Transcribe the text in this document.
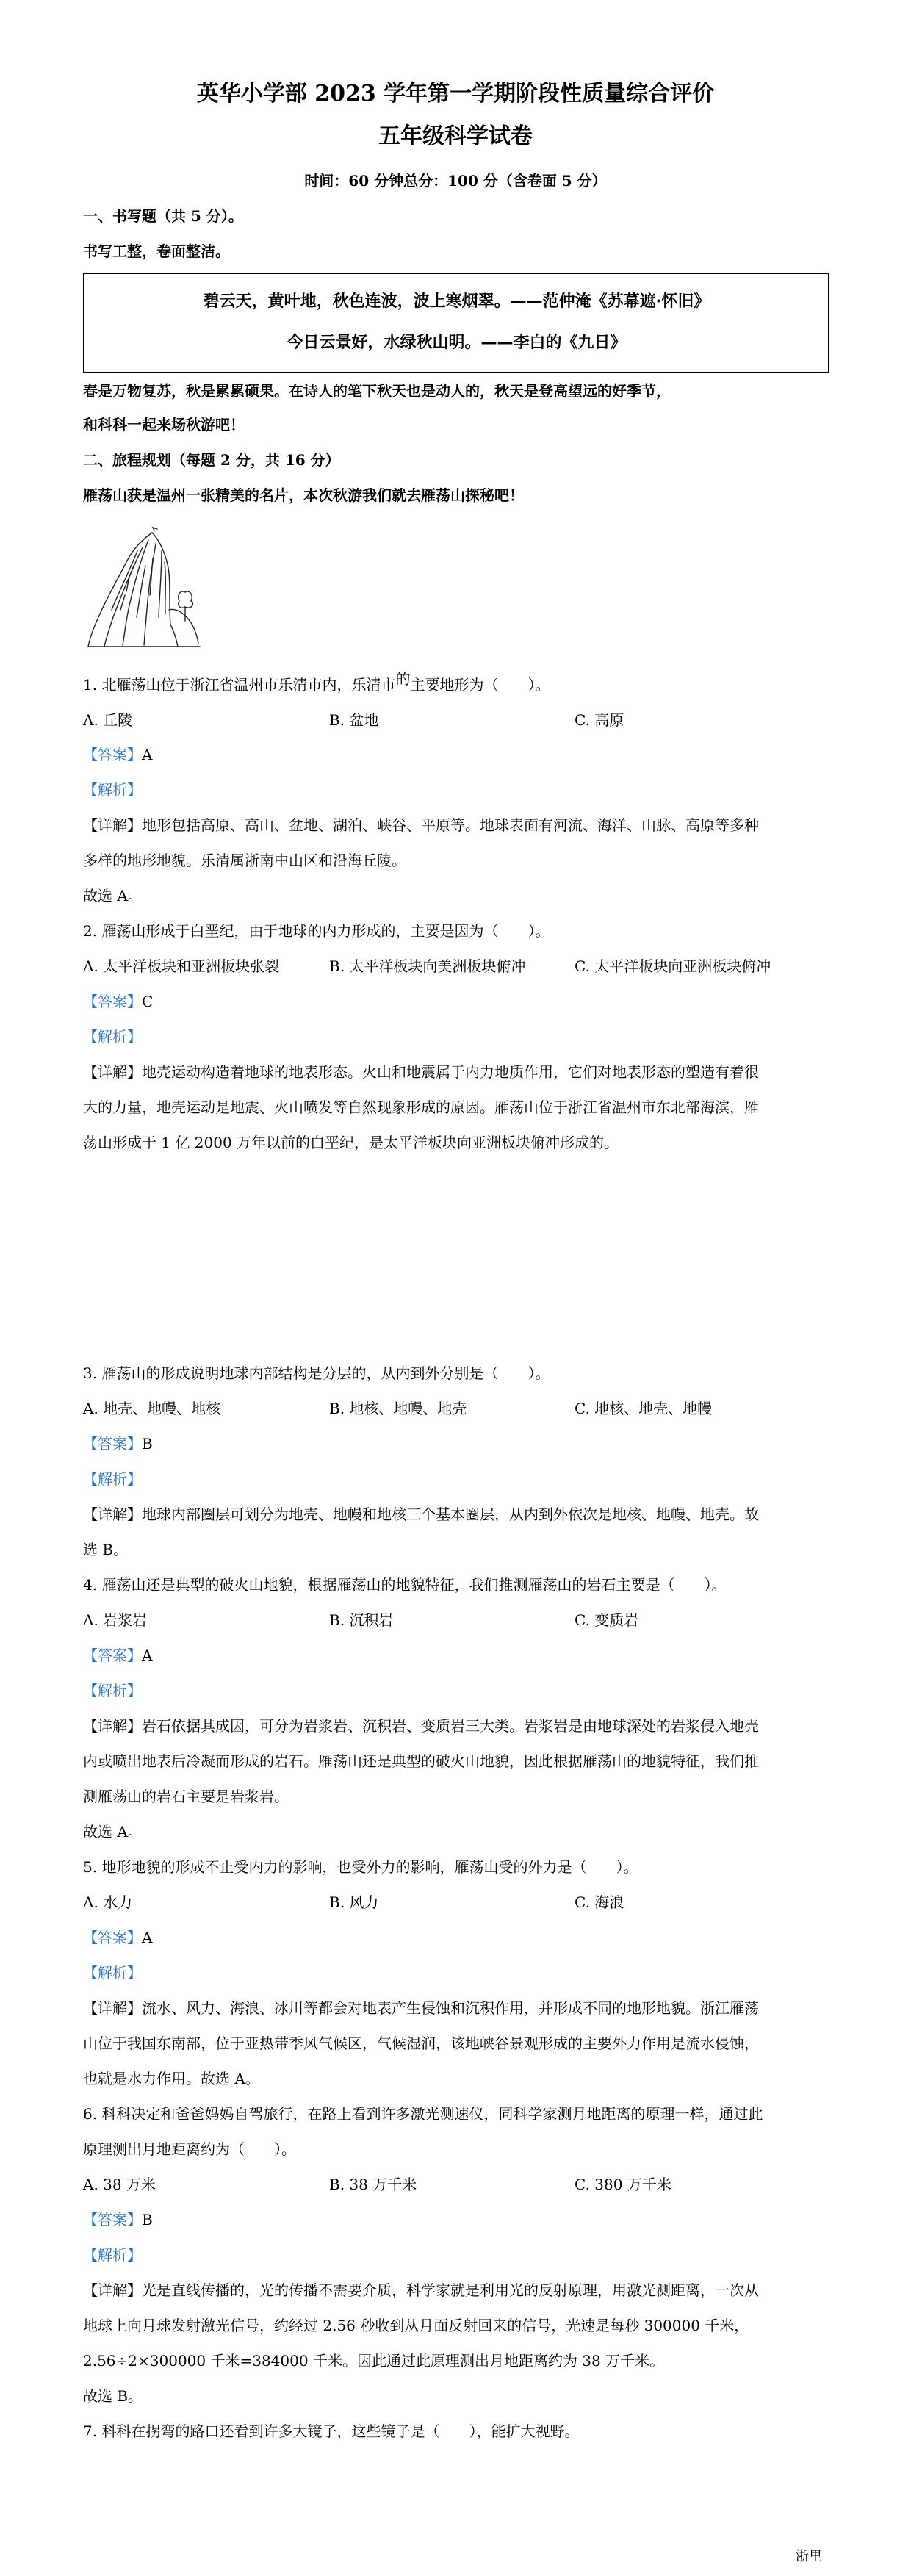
英华小学部 2023 学年第一学期阶段性质量综合评价
五年级科学试卷
时间：60 分钟总分：100 分（含卷面 5 分）
一、书写题（共 5 分）。
书写工整，卷面整洁。
碧云天，黄叶地，秋色连波，波上寒烟翠。——范仲淹《苏幕遮·怀旧》
今日云景好，水绿秋山明。——李白的《九日》
春是万物复苏，秋是累累硕果。在诗人的笔下秋天也是动人的，秋天是登高望远的好季节，
和科科一起来场秋游吧！
二、旅程规划（每题 2 分，共 16 分）
雁荡山获是温州一张精美的名片，本次秋游我们就去雁荡山探秘吧！
1. 北雁荡山位于浙江省温州市乐清市内，乐清市的主要地形为（　　）。
A. 丘陵	B. 盆地	C. 高原
【答案】A
【解析】
【详解】地形包括高原、高山、盆地、湖泊、峡谷、平原等。地球表面有河流、海洋、山脉、高原等多种
多样的地形地貌。乐清属浙南中山区和沿海丘陵。
故选 A。
2. 雁荡山形成于白垩纪，由于地球的内力形成的，主要是因为（　　）。
A. 太平洋板块和亚洲板块张裂	B. 太平洋板块向美洲板块俯冲	C. 太平洋板块向亚洲板块俯冲
【答案】C
【解析】
【详解】地壳运动构造着地球的地表形态。火山和地震属于内力地质作用，它们对地表形态的塑造有着很
大的力量，地壳运动是地震、火山喷发等自然现象形成的原因。雁荡山位于浙江省温州市东北部海滨，雁
荡山形成于 1 亿 2000 万年以前的白垩纪，是太平洋板块向亚洲板块俯冲形成的。
3. 雁荡山的形成说明地球内部结构是分层的，从内到外分别是（　　）。
A. 地壳、地幔、地核	B. 地核、地幔、地壳	C. 地核、地壳、地幔
【答案】B
【解析】
【详解】地球内部圈层可划分为地壳、地幔和地核三个基本圈层，从内到外依次是地核、地幔、地壳。故
选 B。
4. 雁荡山还是典型的破火山地貌，根据雁荡山的地貌特征，我们推测雁荡山的岩石主要是（　　）。
A. 岩浆岩	B. 沉积岩	C. 变质岩
【答案】A
【解析】
【详解】岩石依据其成因，可分为岩浆岩、沉积岩、变质岩三大类。岩浆岩是由地球深处的岩浆侵入地壳
内或喷出地表后冷凝而形成的岩石。雁荡山还是典型的破火山地貌，因此根据雁荡山的地貌特征，我们推
测雁荡山的岩石主要是岩浆岩。
故选 A。
5. 地形地貌的形成不止受内力的影响，也受外力的影响，雁荡山受的外力是（　　）。
A. 水力	B. 风力	C. 海浪
【答案】A
【解析】
【详解】流水、风力、海浪、冰川等都会对地表产生侵蚀和沉积作用，并形成不同的地形地貌。浙江雁荡
山位于我国东南部，位于亚热带季风气候区，气候湿润，该地峡谷景观形成的主要外力作用是流水侵蚀，
也就是水力作用。故选 A。
6. 科科决定和爸爸妈妈自驾旅行，在路上看到许多激光测速仪，同科学家测月地距离的原理一样，通过此
原理测出月地距离约为（　　）。
A. 38 万米	B. 38 万千米	C. 380 万千米
【答案】B
【解析】
【详解】光是直线传播的，光的传播不需要介质，科学家就是利用光的反射原理，用激光测距离，一次从
地球上向月球发射激光信号，约经过 2.56 秒收到从月面反射回来的信号，光速是每秒 300000 千米，
2.56÷2×300000 千米=384000 千米。因此通过此原理测出月地距离约为 38 万千米。
故选 B。
7. 科科在拐弯的路口还看到许多大镜子，这些镜子是（　　），能扩大视野。
浙里
